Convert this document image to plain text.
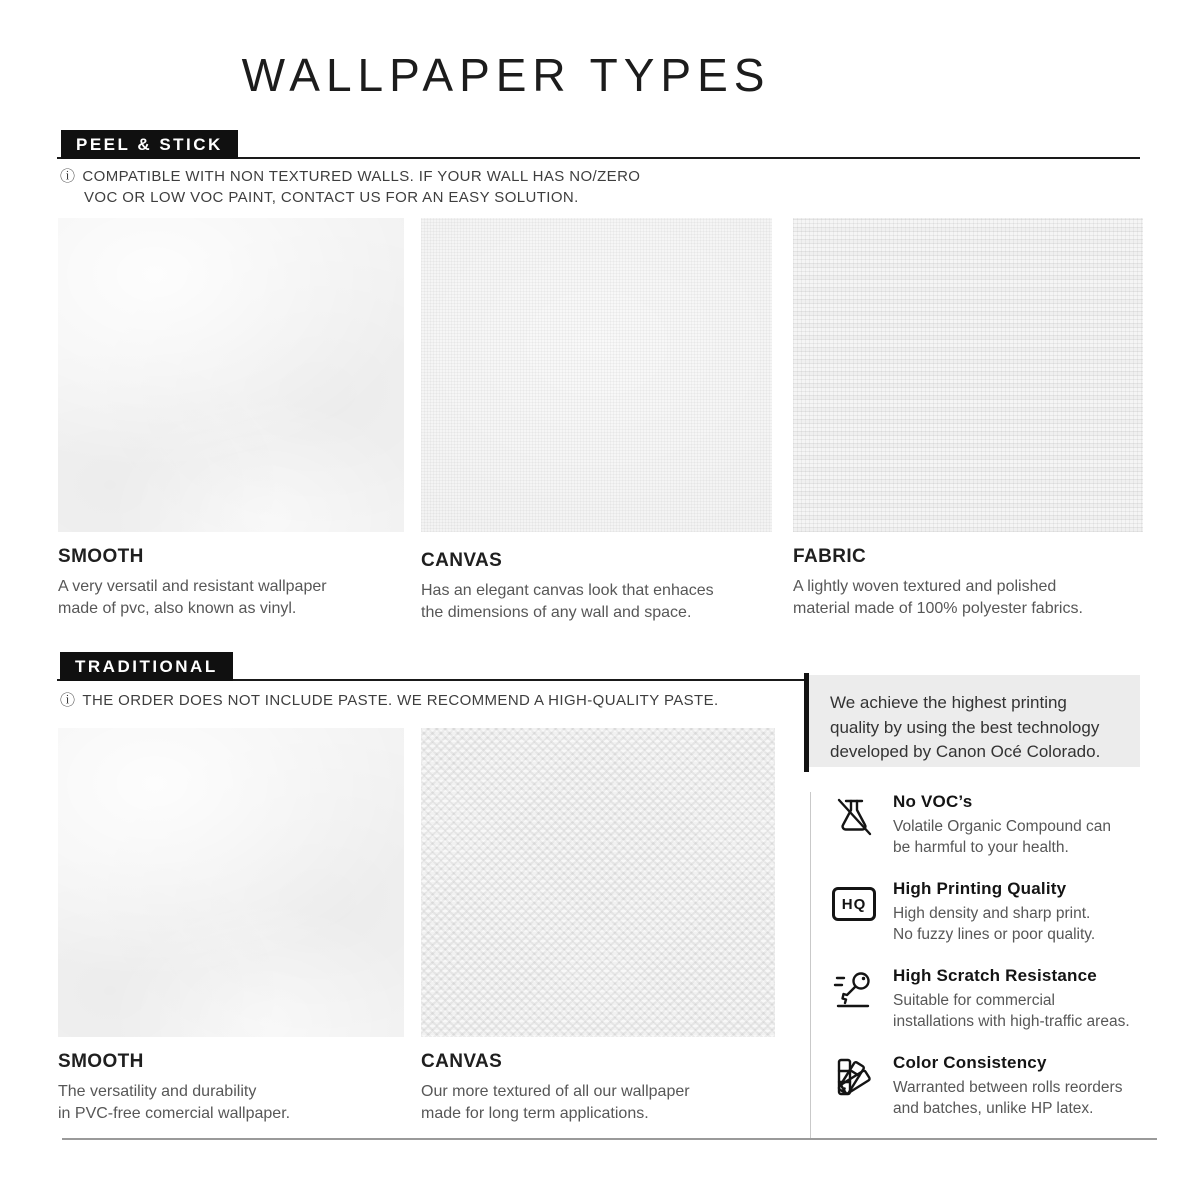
WALLPAPER TYPES
PEEL & STICK
ⓘ COMPATIBLE WITH NON TEXTURED WALLS. IF YOUR WALL HAS NO/ZERO
VOC OR LOW VOC PAINT, CONTACT US FOR AN EASY SOLUTION.
SMOOTH
A very versatil and resistant wallpaper
made of pvc, also known as vinyl.
CANVAS
Has an elegant canvas look that enhaces
the dimensions of any wall and space.
FABRIC
A lightly woven textured and polished
material made of 100% polyester fabrics.
TRADITIONAL
ⓘ THE ORDER DOES NOT INCLUDE PASTE. WE RECOMMEND A HIGH-QUALITY PASTE.
SMOOTH
The versatility and durability
in PVC-free comercial wallpaper.
CANVAS
Our more textured of all our wallpaper
made for long term applications.
We achieve the highest printing
quality by using the best technology
developed by Canon Océ Colorado.
No VOC’s
Volatile Organic Compound can
be harmful to your health.
HQ
High Printing Quality
High density and sharp print.
No fuzzy lines or poor quality.
High Scratch Resistance
Suitable for commercial
installations with high-traffic areas.
Color Consistency
Warranted between rolls reorders
and batches, unlike HP latex.
